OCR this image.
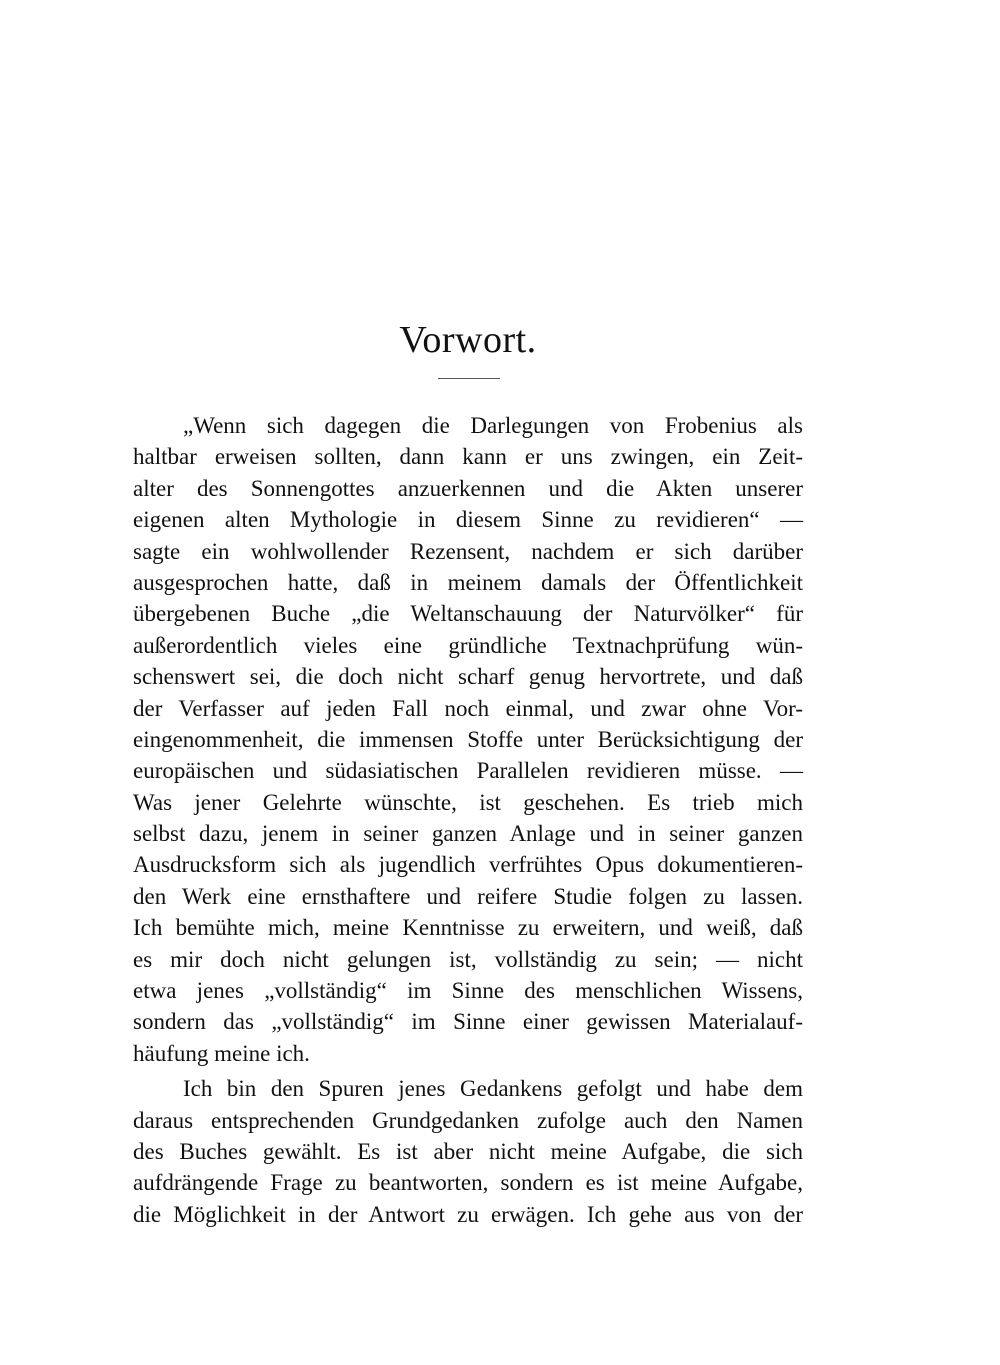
Vorwort.

„Wenn sich dagegen die Darlegungen von Frobenius als
haltbar erweisen sollten, dann kann er uns zwingen, ein Zeit-
alter des Sonnengottes anzuerkennen und die Akten unserer
eigenen alten Mythologie in diesem Sinne zu revidieren“ —
sagte ein wohlwollender Rezensent, nachdem er sich darüber
ausgesprochen hatte, daß in meinem damals der Öffentlichkeit
übergebenen Buche „die Weltanschauung der Naturvölker“ für
außerordentlich vieles eine gründliche Textnachprüfung wün-
schenswert sei, die doch nicht scharf genug hervortrete, und daß
der Verfasser auf jeden Fall noch einmal, und zwar ohne Vor-
eingenommenheit, die immensen Stoffe unter Berücksichtigung der
europäischen und südasiatischen Parallelen revidieren müsse. —
Was jener Gelehrte wünschte, ist geschehen. Es trieb mich
selbst dazu, jenem in seiner ganzen Anlage und in seiner ganzen
Ausdrucksform sich als jugendlich verfrühtes Opus dokumentieren-
den Werk eine ernsthaftere und reifere Studie folgen zu lassen.
Ich bemühte mich, meine Kenntnisse zu erweitern, und weiß, daß
es mir doch nicht gelungen ist, vollständig zu sein; — nicht
etwa jenes „vollständig“ im Sinne des menschlichen Wissens,
sondern das „vollständig“ im Sinne einer gewissen Materialauf-
häufung meine ich.

Ich bin den Spuren jenes Gedankens gefolgt und habe dem
daraus entsprechenden Grundgedanken zufolge auch den Namen
des Buches gewählt. Es ist aber nicht meine Aufgabe, die sich
aufdrängende Frage zu beantworten, sondern es ist meine Aufgabe,
die Möglichkeit in der Antwort zu erwägen. Ich gehe aus von der
